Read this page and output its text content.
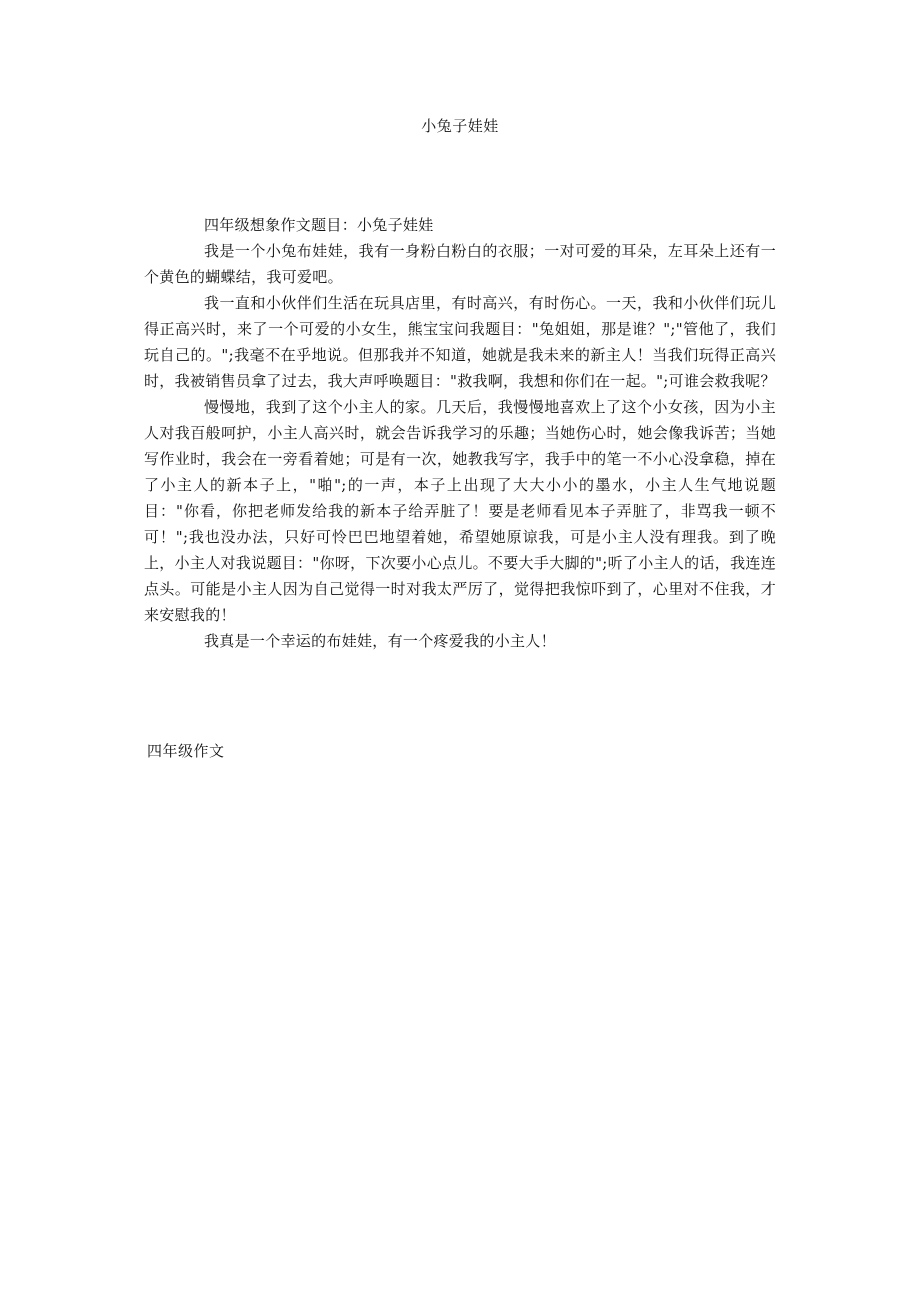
小兔子娃娃

四年级想象作文题目：小兔子娃娃

我是一个小兔布娃娃，我有一身粉白粉白的衣服；一对可爱的耳朵，左耳朵上还有一个黄色的蝴蝶结，我可爱吧。

我一直和小伙伴们生活在玩具店里，有时高兴，有时伤心。一天，我和小伙伴们玩儿得正高兴时，来了一个可爱的小女生，熊宝宝问我题目："兔姐姐，那是谁？";"管他了，我们玩自己的。";我毫不在乎地说。但那我并不知道，她就是我未来的新主人！当我们玩得正高兴时，我被销售员拿了过去，我大声呼唤题目："救我啊，我想和你们在一起。";可谁会救我呢？

慢慢地，我到了这个小主人的家。几天后，我慢慢地喜欢上了这个小女孩，因为小主人对我百般呵护，小主人高兴时，就会告诉我学习的乐趣；当她伤心时，她会像我诉苦；当她写作业时，我会在一旁看着她；可是有一次，她教我写字，我手中的笔一不小心没拿稳，掉在了小主人的新本子上，"啪";的一声，本子上出现了大大小小的墨水，小主人生气地说题目："你看，你把老师发给我的新本子给弄脏了！要是老师看见本子弄脏了，非骂我一顿不可！";我也没办法，只好可怜巴巴地望着她，希望她原谅我，可是小主人没有理我。到了晚上，小主人对我说题目："你呀，下次要小心点儿。不要大手大脚的";听了小主人的话，我连连点头。可能是小主人因为自己觉得一时对我太严厉了，觉得把我惊吓到了，心里对不住我，才来安慰我的！

我真是一个幸运的布娃娃，有一个疼爱我的小主人！

四年级作文
